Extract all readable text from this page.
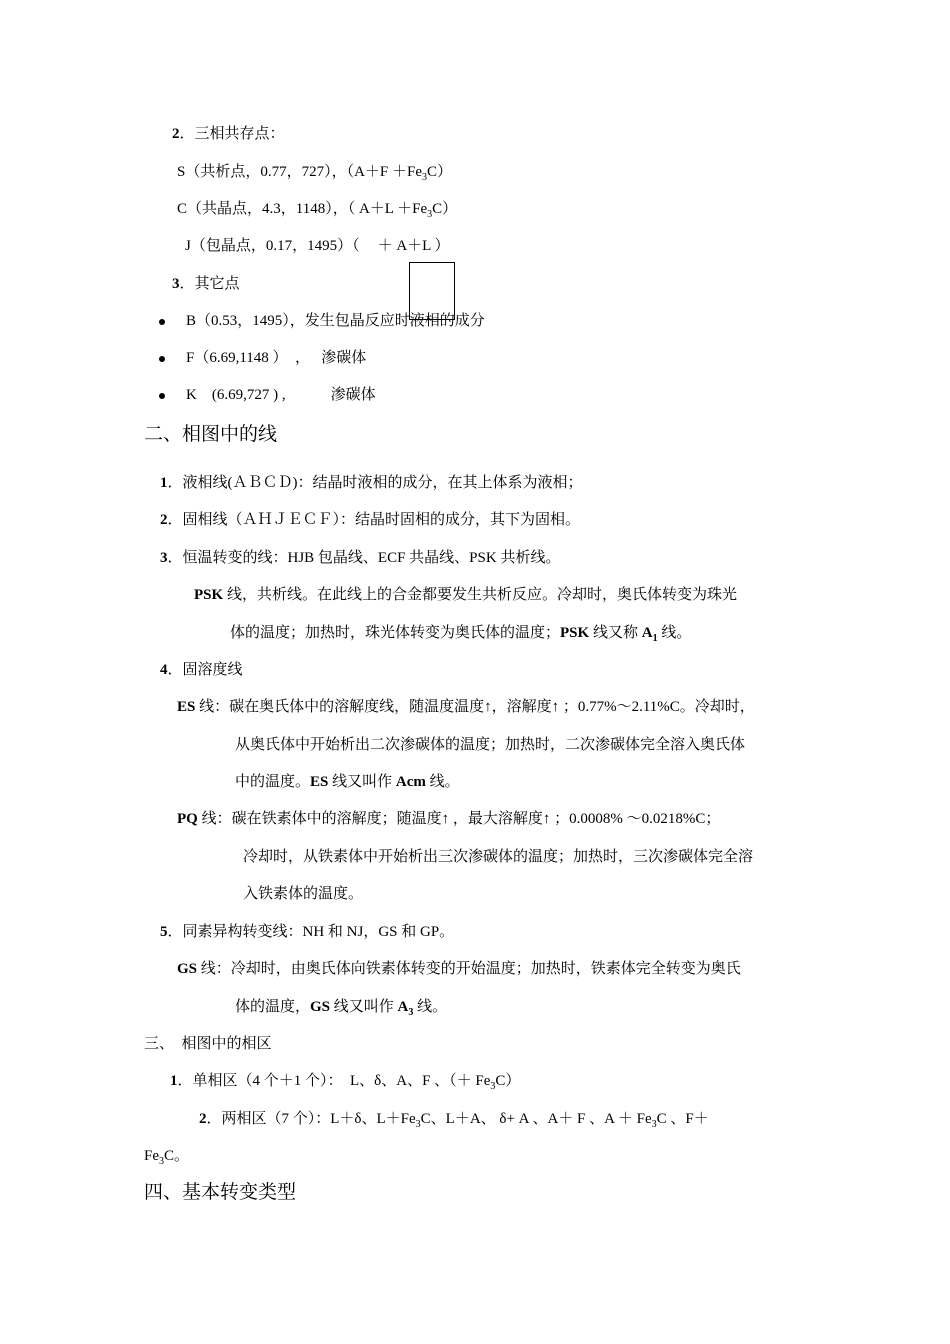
2．三相共存点：
S（共析点，0.77，727），$(A+F +Fe_3C)$
C（共晶点，4.3，1148），（ $A+L +Fe_3C$）
J（包晶点，0.17，1495）（ ＋ A＋L ）
3．其它点
B（0.53，1495），发生包晶反应时液相的成分
F（6.69,1148 ）　，　 渗碳体
K　(6.69,727 ) ,　　　渗碳体
二、相图中的线
1．液相线(ＡＢＣＤ)：结晶时液相的成分，在其上体系为液相；
2．固相线（ＡＨＪＥＣＦ）：结晶时固相的成分，其下为固相。
3．恒温转变的线：HJB 包晶线、ECF 共晶线、PSK 共析线。
PSK 线，共析线。在此线上的合金都要发生共析反应。冷却时，奥氏体转变为珠光
体的温度；加热时，珠光体转变为奥氏体的温度；PSK 线又称 $A_1$ 线。
4．固溶度线
ES 线：碳在奥氏体中的溶解度线，随温度温度↑，溶解度↑ ；0.77%～2.11%C。冷却时，
从奥氏体中开始析出二次渗碳体的温度；加热时，二次渗碳体完全溶入奥氏体
中的温度。ES 线又叫作 Acm 线。
PQ 线：碳在铁素体中的溶解度；随温度↑ ，最大溶解度↑ ；0.0008% ～0.0218%C；
冷却时，从铁素体中开始析出三次渗碳体的温度；加热时，三次渗碳体完全溶
入铁素体的温度。
5．同素异构转变线：NH 和 NJ，GS 和 GP。
GS 线：冷却时，由奥氏体向铁素体转变的开始温度；加热时，铁素体完全转变为奥氏
体的温度，GS 线又叫作 $A_3$ 线。
三、　相图中的相区
1．单相区（4 个＋1 个）：　L、δ、A、F 、（＋ $Fe_3C$）
2．两相区（7 个）：L＋δ、$L+Fe_3C$、L＋A、 δ+ A 、A＋ F 、$A + Fe_3C$ 、F＋
$Fe_3C$。
四、基本转变类型
